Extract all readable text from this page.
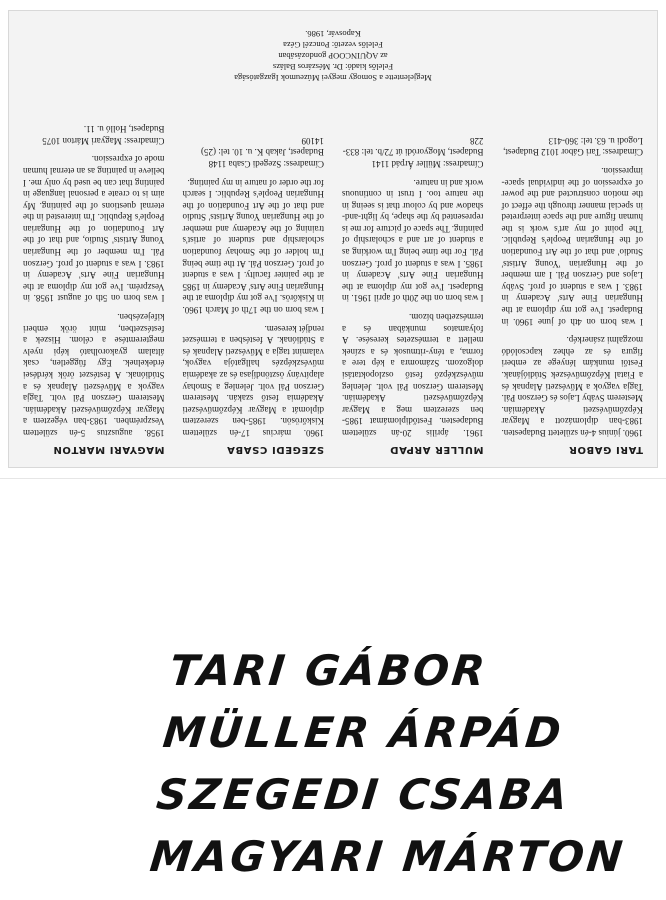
TARI GÁBOR

1960. június 4-én született Budapesten. 1983-ban diplomázott a Magyar Képzőművészeti Akadémián. Mesterem Sváby Lajos és Gerzson Pál. Tagja vagyok a Művészeti Alapnak és a Fiatal Képzőművészek Stúdiójának. Festői munkám lényege az emberi figura és az ehhez kapcsolódó mozgalmi zsánerkép.

I was born on 4th of june 1960. in Budapest. I've got my diploma at the Hungarian Fine Arts' Academy in 1983. I was a student of prof. Sváby Lajos and Gerzson Pál. I am member of the Hungarian 'Young Artists' Studio' and that of the Art Foundation of the Hungarian People's Republic. The point of my art's work is the human figure and the space interpreted in special manner through the effect of the motion constructed and the power of expression of the individual space-impression.

Címadress: Tari Gábor 1012 Budapest, Logodi u. 63. tel: 360-413

MÜLLER ÁRPÁD

1961. április 20-án születtem Budapesten. Festődiplomámat 1985-ben szereztem meg a Magyar Képzőművészeti Akadémián. Mesterem Gerzson Pál volt. Jelenleg művészképző festő oszlopoktatási dolgozom. Számomra a kép tere a forma, a tény-ritmusok és a színek mellett a természetes keresése. A folyamatos munkában és a természetben bízom.

I was born on the 20th of april 1961. in Budapest. I've got my diploma at the Hungarian Fine Arts' Academy in 1985. I was a student of prof. Gerzson Pál. For the time being I'm working as a student of art and a scholarship of painting. The space of picture for me is represented by the shape, by light-and-shadow and by colour that is seeing in the nature too. I trust in continuous work and in nature.

Címadress: Müller Árpád 1141 Budapest, Mogyoródi út 72/b. tel: 833-228

SZEGEDI CSABA

1960. március 17-én születtem Kiskőrösön. 1985-ben szereztem diplomát a Magyar Képzőművészeti Akadémia festő szakán. Mesterem Gerzson Pál volt. Jelenleg a Smohay alapítvány ösztöndíjasa és az akadémia művészképzés hallgatója vagyok, valamint tagja a Művészeti Alapnak és a Stúdiónak. A festésben a természet rendjét keresem.

I was born on the 17th of March 1960. in Kiskőrös. I've got my diploma at the Hungarian Fine Arts' Academy in 1985 at the painter faculty. I was a student of prof. Gerzson Pál. At the time being I'm holder of the Smohay foundation scholarship and student of artist's training of the Academy and member of the Hungarian Young Artists' Studio and that of the Art Foundation of the Hungarian People's Republic. I search for the order of nature in my painting.

Címadress: Szegedi Csaba 1148 Budapest, Jakab K. u. 10. tel: (25) 14109

MAGYARI MÁRTON

1958. augusztus 5-én születtem Veszprémben. 1983-ban végeztem a Magyar Képzőművészeti Akadémián. Mesterem Gerzson Pál volt. Tagja vagyok a Művészeti Alapnak és a Stúdiónak. A festészet örök kérdései érdekelnek. Egy független, csak általam gyakorolható képi nyelv megteremtése a célom. Hiszek a festészetben, mint örök emberi kifejezésben.

I was born on 5th of august 1958. in Veszprém. I've got my diploma at the Hungarian Fine Arts' Academy in 1983. I was a student of prof. Gerzson Pál. I'm member of the Hungarian Young Artists' Studio, and that of the Art Foundation of the Hungarian People's Republic. I'm interested in the eternal questions of the painting. My aim is to create a personal language in painting that can be used by only me. I believe in painting as an eternal human mode of expression.

Címadress: Magyari Márton 1075 Budapest, Holló u. 11.

Megjelentette a Somogy megyei Múzeumok Igazgatósága
Felelős kiadó: Dr. Mészáros Balázs
az AQUINCOOP gondozásában
Felelős vezető: Ponczél Géza
Kaposvár, 1986.
TARI GÁBOR
MÜLLER ÁRPÁD
SZEGEDI CSABA
MAGYARI MÁRTON
